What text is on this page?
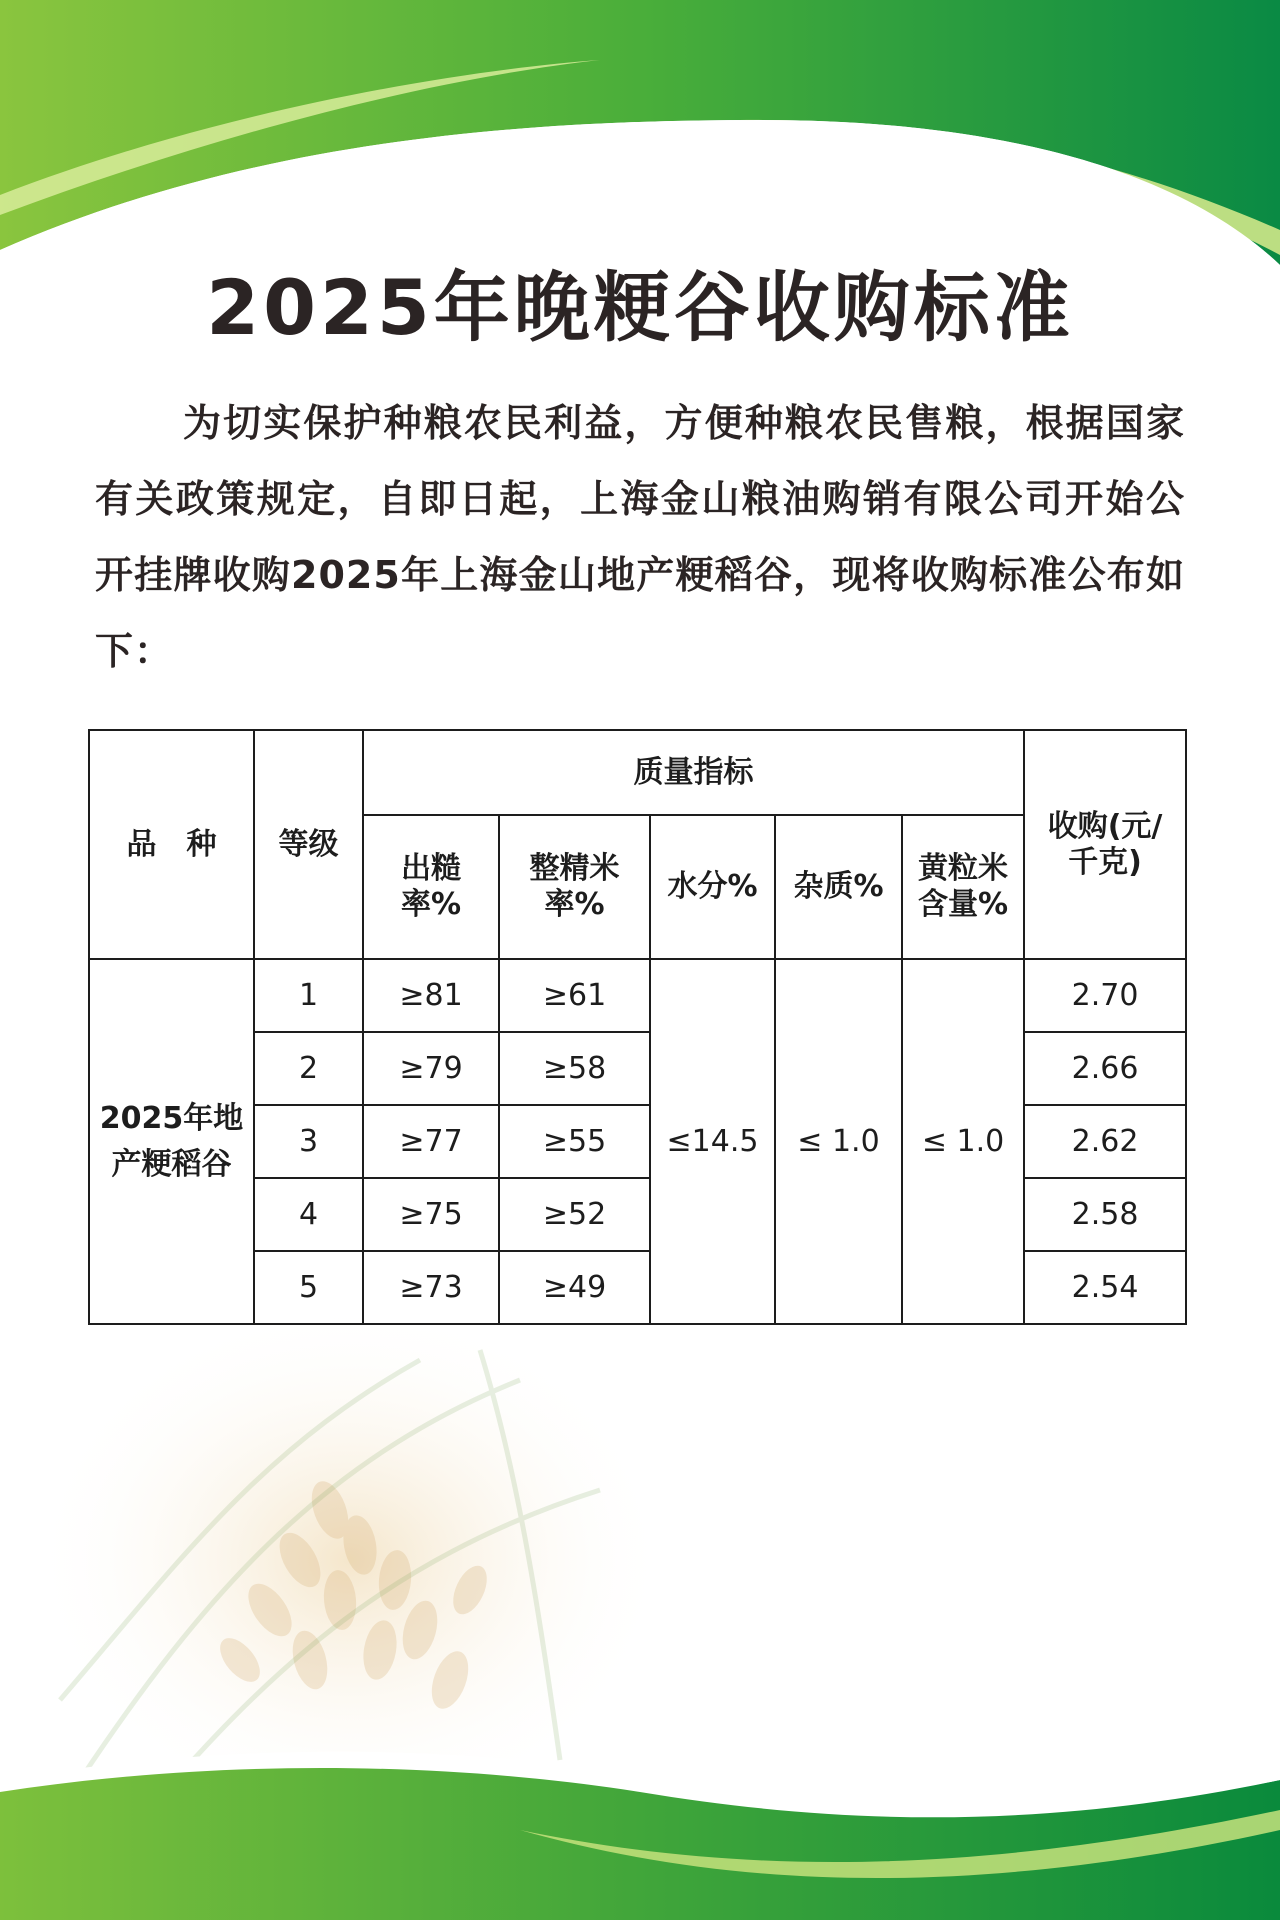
2025年晚粳谷收购标准
为切实保护种粮农民利益，方便种粮农民售粮，根据国家有关政策规定，自即日起，上海金山粮油购销有限公司开始公开挂牌收购2025年上海金山地产粳稻谷，现将收购标准公布如下：
品　种	等级	质量指标					收购(元/
千克)
		出糙
率%	整精米
率%	水分%	杂质%	黄粒米
含量%	
2025年地
产粳稻谷	1	≥81	≥61	≤14.5	≤ 1.0	≤ 1.0	2.70
	2	≥79	≥58				2.66
	3	≥77	≥55				2.62
	4	≥75	≥52				2.58
	5	≥73	≥49				2.54
